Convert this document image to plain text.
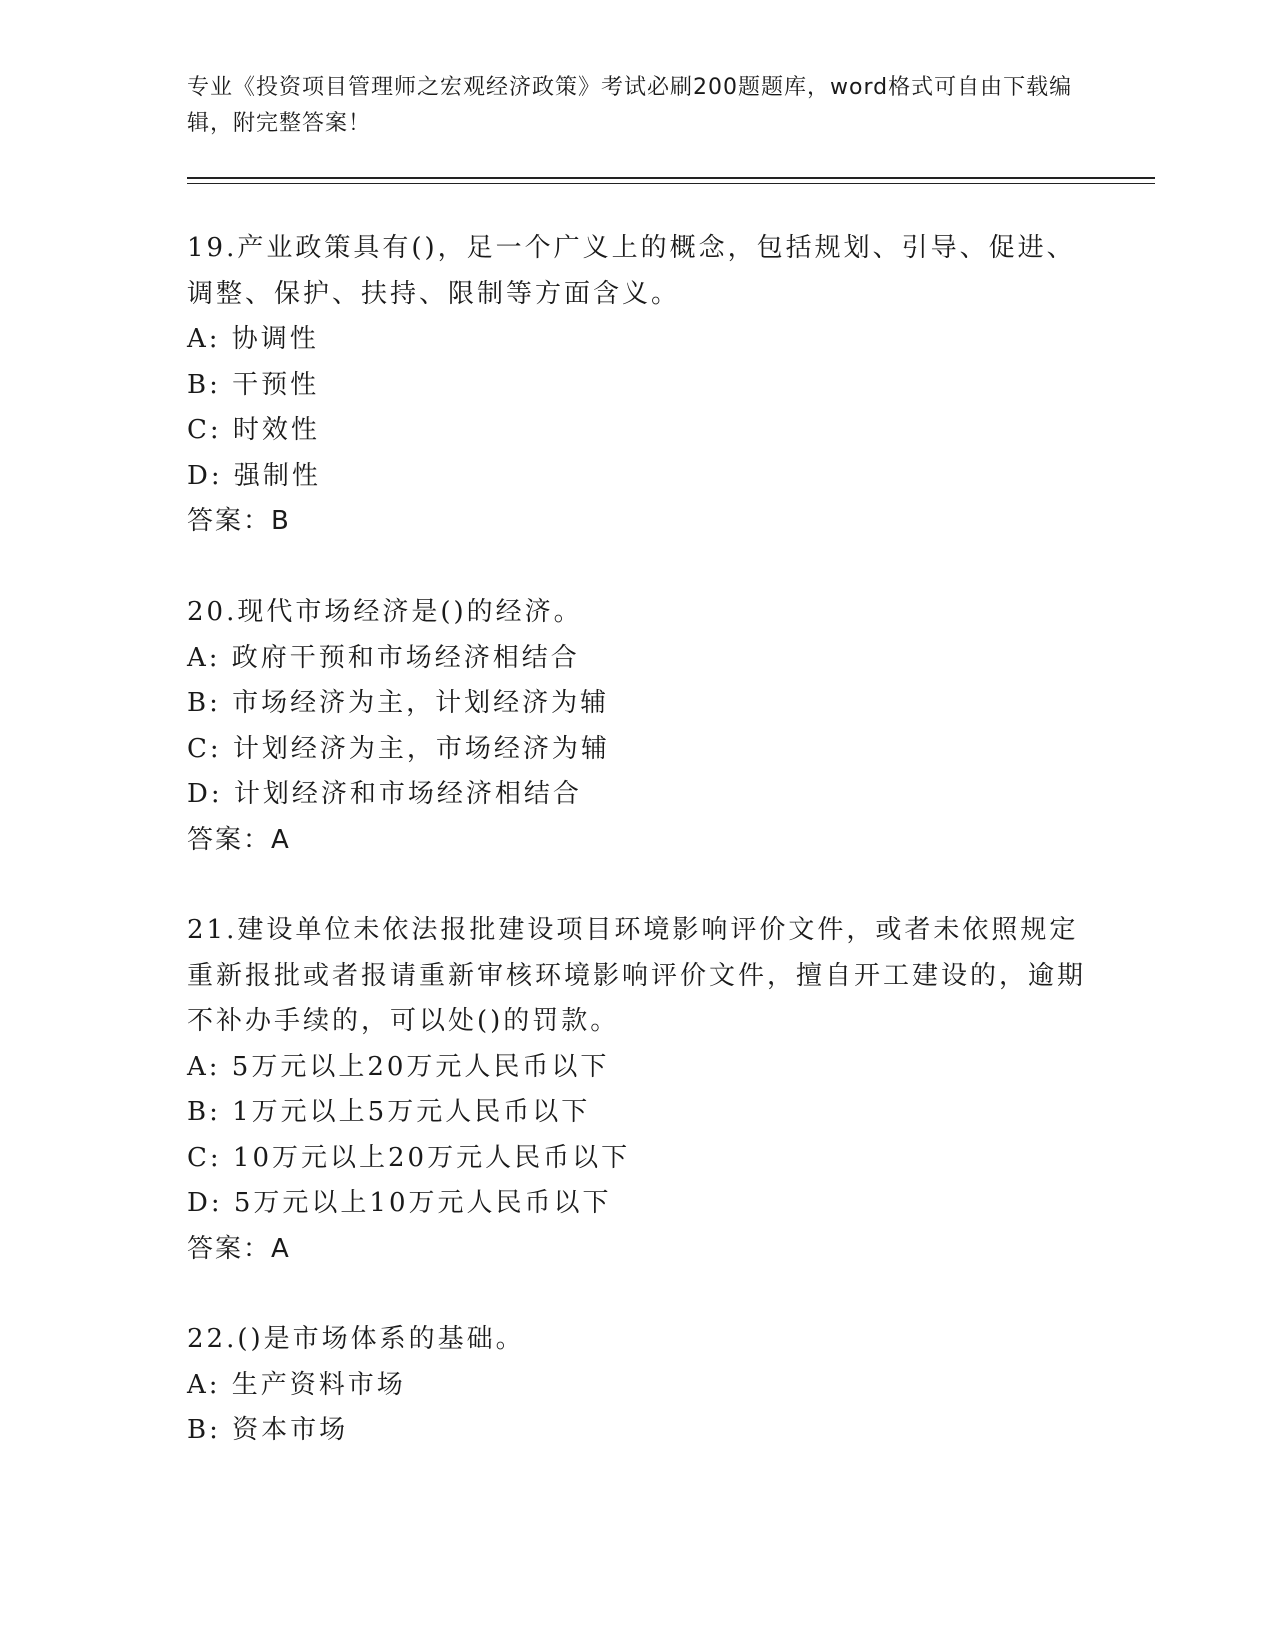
专业《投资项目管理师之宏观经济政策》考试必刷200题题库，word格式可自由下载编辑，附完整答案！

19.产业政策具有()，足一个广义上的概念，包括规划、引导、促进、调整、保护、扶持、限制等方面含义。

A: 协调性

B: 干预性

C: 时效性

D: 强制性

答案：B

20.现代市场经济是()的经济。

A: 政府干预和市场经济相结合

B: 市场经济为主，计划经济为辅

C: 计划经济为主，市场经济为辅

D: 计划经济和市场经济相结合

答案：A

21.建设单位未依法报批建设项目环境影响评价文件，或者未依照规定重新报批或者报请重新审核环境影响评价文件，擅自开工建设的，逾期不补办手续的，可以处()的罚款。

A: 5万元以上20万元人民币以下

B: 1万元以上5万元人民币以下

C: 10万元以上20万元人民币以下

D: 5万元以上10万元人民币以下

答案：A

22.()是市场体系的基础。

A: 生产资料市场

B: 资本市场
